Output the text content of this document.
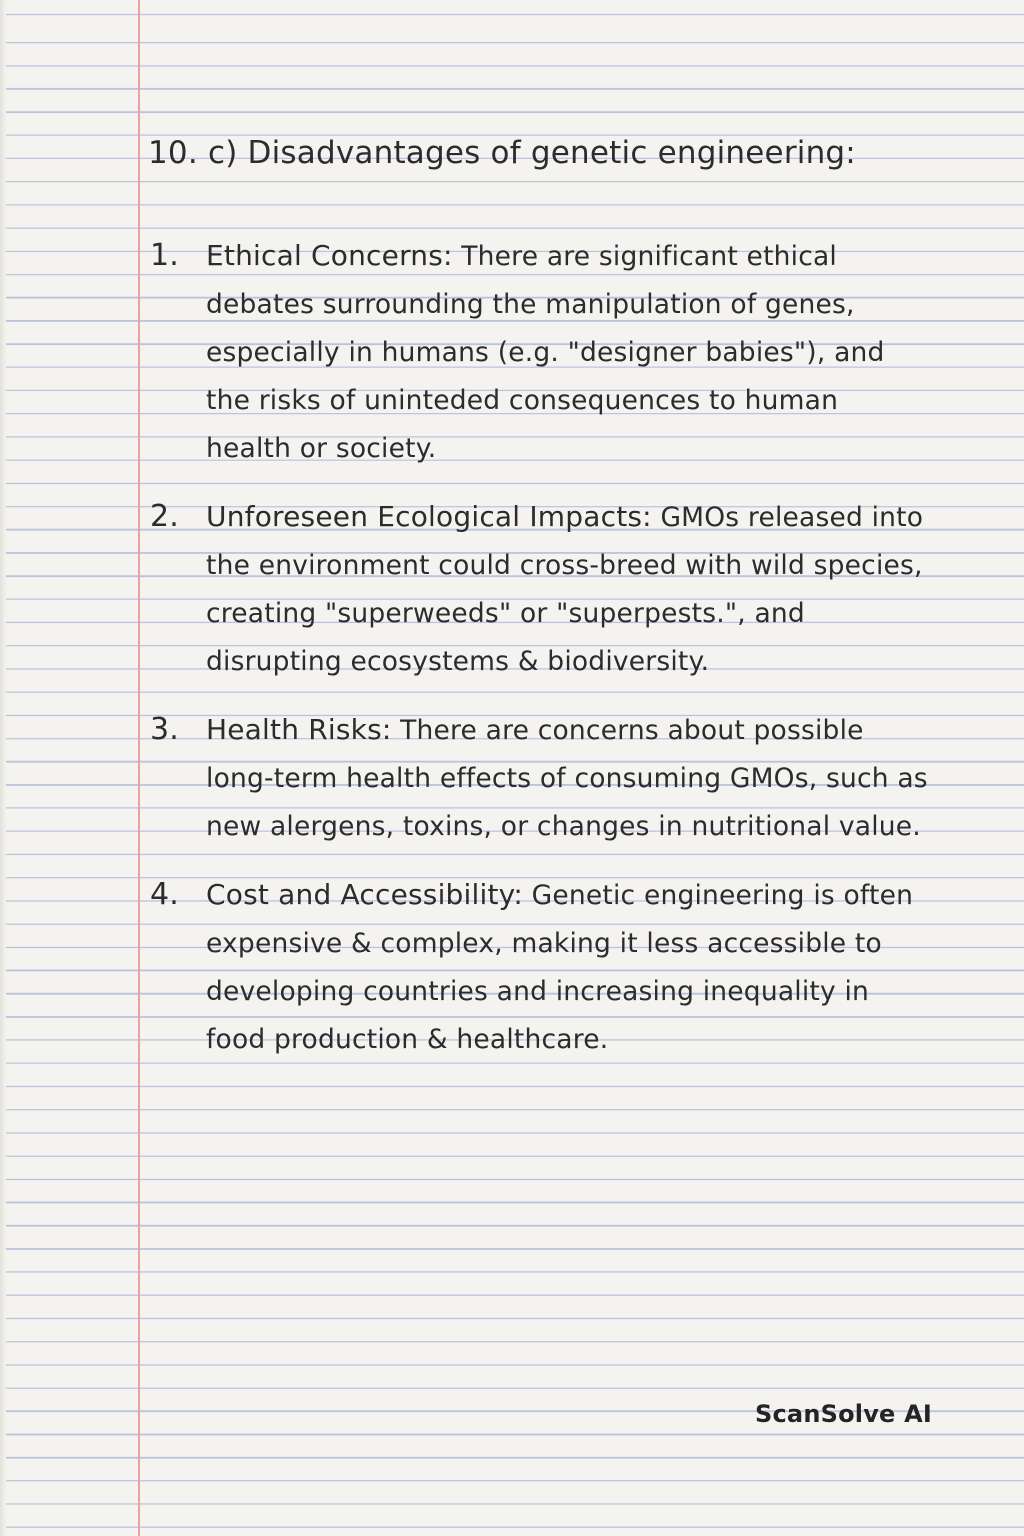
10. c) Disadvantages of genetic engineering:
1. Ethical Concerns: There are significant ethical debates surrounding the manipulation of genes, especially in humans (e.g. "designer babies"), and the risks of uninteded consequences to human health or society.
2. Unforeseen Ecological Impacts: GMOs released into the environment could cross-breed with wild species, creating "superweeds" or "superpests.", and disrupting ecosystems & biodiversity.
3. Health Risks: There are concerns about possible long-term health effects of consuming GMOs, such as new alergens, toxins, or changes in nutritional value.
4. Cost and Accessibility: Genetic engineering is often expensive & complex, making it less accessible to developing countries and increasing inequality in food production & healthcare.
ScanSolve AI
